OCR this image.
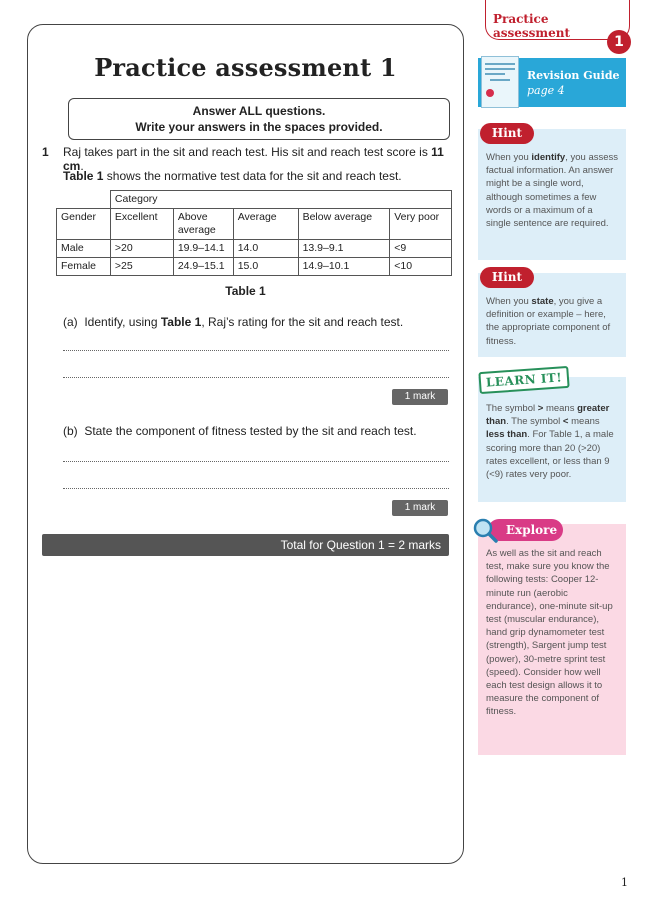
Practice assessment 1
Answer ALL questions.
Write your answers in the spaces provided.
1 Raj takes part in the sit and reach test. His sit and reach test score is 11 cm.
Table 1 shows the normative test data for the sit and reach test.
	Category				
Gender	Excellent	Above average	Average	Below average	Very poor
Male	>20	19.9–14.1	14.0	13.9–9.1	<9
Female	>25	24.9–15.1	15.0	14.9–10.1	<10
Table 1
(a) Identify, using Table 1, Raj’s rating for the sit and reach test.
1 mark
(b) State the component of fitness tested by the sit and reach test.
1 mark
Total for Question 1 = 2 marks
Practice assessment
1
Revision Guide
page 4
When you identify, you assess factual information. An answer might be a single word, although sometimes a few words or a maximum of a single sentence are required.
Hint
When you state, you give a definition or example – here, the appropriate component of fitness.
Hint
The symbol > means greater than. The symbol < means less than. For Table 1, a male scoring more than 20 (>20) rates excellent, or less than 9 (<9) rates very poor.
LEARN IT!
As well as the sit and reach test, make sure you know the following tests: Cooper 12-minute run (aerobic endurance), one-minute sit-up test (muscular endurance), hand grip dynamometer test (strength), Sargent jump test (power), 30-metre sprint test (speed). Consider how well each test design allows it to measure the component of fitness.
Explore
1
